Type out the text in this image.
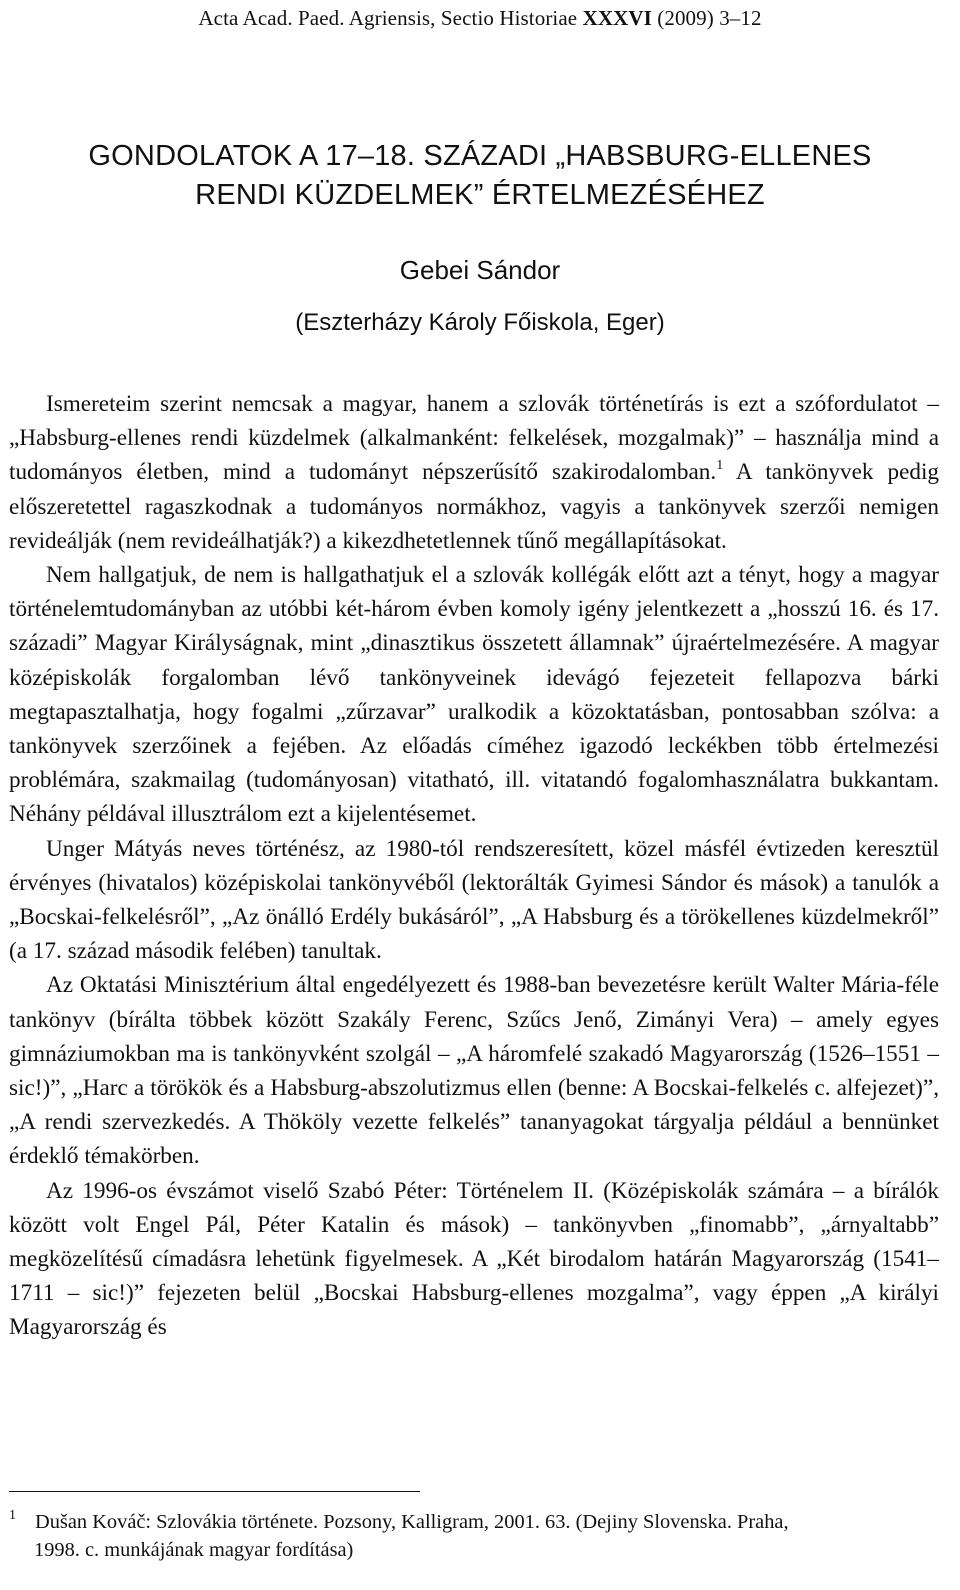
Acta Acad. Paed. Agriensis, Sectio Historiae XXXVI (2009) 3–12
GONDOLATOK A 17–18. SZÁZADI „HABSBURG-ELLENES
RENDI KÜZDELMEK” ÉRTELMEZÉSÉHEZ
Gebei Sándor
(Eszterházy Károly Főiskola, Eger)

Ismereteim szerint nemcsak a magyar, hanem a szlovák történetírás is ezt a szófordulatot – „Habsburg-ellenes rendi küzdelmek (alkalmanként: felkelések, mozgalmak)” – használja mind a tudományos életben, mind a tudományt népszerűsítő szakirodalomban.$^1$ A tankönyvek pedig előszeretettel ragaszkodnak a tudományos normákhoz, vagyis a tankönyvek szerzői nemigen revideálják (nem revideálhatják?) a kikezdhetetlennek tűnő megállapításokat.

Nem hallgatjuk, de nem is hallgathatjuk el a szlovák kollégák előtt azt a tényt, hogy a magyar történelemtudományban az utóbbi két-három évben komoly igény jelentkezett a „hosszú 16. és 17. századi” Magyar Királyságnak, mint „dinasztikus összetett államnak” újraértelmezésére. A magyar középiskolák forgalomban lévő tankönyveinek idevágó fejezeteit fellapozva bárki megtapasztalhatja, hogy fogalmi „zűrzavar” uralkodik a közoktatásban, pontosabban szólva: a tankönyvek szerzőinek a fejében. Az előadás címéhez igazodó leckékben több értelmezési problémára, szakmailag (tudományosan) vitatható, ill. vitatandó fogalomhasználatra bukkantam. Néhány példával illusztrálom ezt a kijelentésemet.

Unger Mátyás neves történész, az 1980-tól rendszeresített, közel másfél évtizeden keresztül érvényes (hivatalos) középiskolai tankönyvéből (lektorálták Gyimesi Sándor és mások) a tanulók a „Bocskai-felkelésről”, „Az önálló Erdély bukásáról”, „A Habsburg és a törökellenes küzdelmekről” (a 17. század második felében) tanultak.

Az Oktatási Minisztérium által engedélyezett és 1988-ban bevezetésre került Walter Mária-féle tankönyv (bírálta többek között Szakály Ferenc, Szűcs Jenő, Zimányi Vera) – amely egyes gimnáziumokban ma is tankönyvként szolgál – „A háromfelé szakadó Magyarország (1526–1551 – sic!)”, „Harc a törökök és a Habsburg-abszolutizmus ellen (benne: A Bocskai-felkelés c. alfejezet)”, „A rendi szervezkedés. A Thököly vezette felkelés” tananyagokat tárgyalja például a bennünket érdeklő témakörben.

Az 1996-os évszámot viselő Szabó Péter: Történelem II. (Középiskolák számára – a bírálók között volt Engel Pál, Péter Katalin és mások) – tankönyvben „finomabb”, „árnyaltabb” megközelítésű címadásra lehetünk figyelmesek. A „Két birodalom határán Magyarország (1541–1711 – sic!)” fejezeten belül „Bocskai Habsburg-ellenes mozgalma”, vagy éppen „A királyi Magyarország és

1 Dušan Kováč: Szlovákia története. Pozsony, Kalligram, 2001. 63. (Dejiny Slovenska. Praha,
1998. c. munkájának magyar fordítása)
